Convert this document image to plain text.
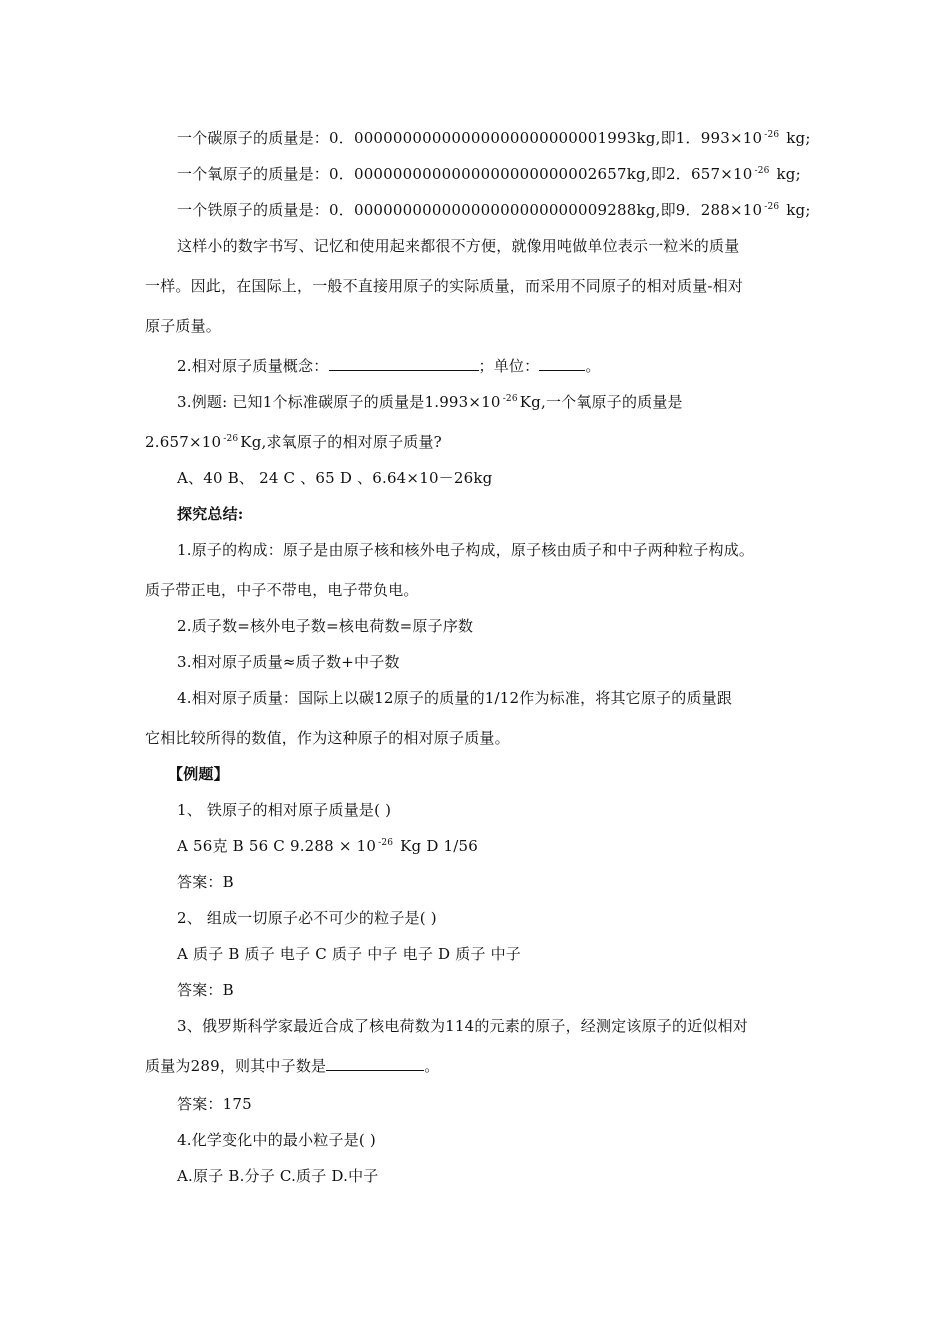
一个碳原子的质量是：0．00000000000000000000000001993kg,即1．993×10 $^{-26}$ kg;
一个氧原子的质量是：0．0000000000000000000000002657kg,即2．657×10 $^{-26}$ kg;
一个铁原子的质量是：0．00000000000000000000000009288kg,即9．288×10 $^{-26}$ kg;
这样小的数字书写、记忆和使用起来都很不方便，就像用吨做单位表示一粒米的质量
一样。因此，在国际上，一般不直接用原子的实际质量，而采用不同原子的相对质量-相对
原子质量。
2.相对原子质量概念：	；单位：	。
3.例题: 已知1个标准碳原子的质量是1.993×10 $^{-26}$ Kg,一个氧原子的质量是
2.657×10 $^{-26}$ Kg,求氧原子的相对原子质量?
A、40 B、 24 C 、65 D 、6.64×10－26kg
探究总结:
1.原子的构成：原子是由原子核和核外电子构成，原子核由质子和中子两种粒子构成。
质子带正电，中子不带电，电子带负电。
2.质子数=核外电子数=核电荷数=原子序数
3.相对原子质量≈质子数+中子数
4.相对原子质量：国际上以碳12原子的质量的1/12作为标准，将其它原子的质量跟
它相比较所得的数值，作为这种原子的相对原子质量。
【例题】
1、 铁原子的相对原子质量是( )
A 56克 B 56 C 9.288 × 10 $^{-26}$ Kg D 1/56
答案：B
2、 组成一切原子必不可少的粒子是( )
A 质子 B 质子 电子 C 质子 中子 电子 D 质子 中子
答案：B
3、俄罗斯科学家最近合成了核电荷数为114的元素的原子，经测定该原子的近似相对
质量为289，则其中子数是	。
答案：175
4.化学变化中的最小粒子是( )
A.原子 B.分子 C.质子 D.中子
